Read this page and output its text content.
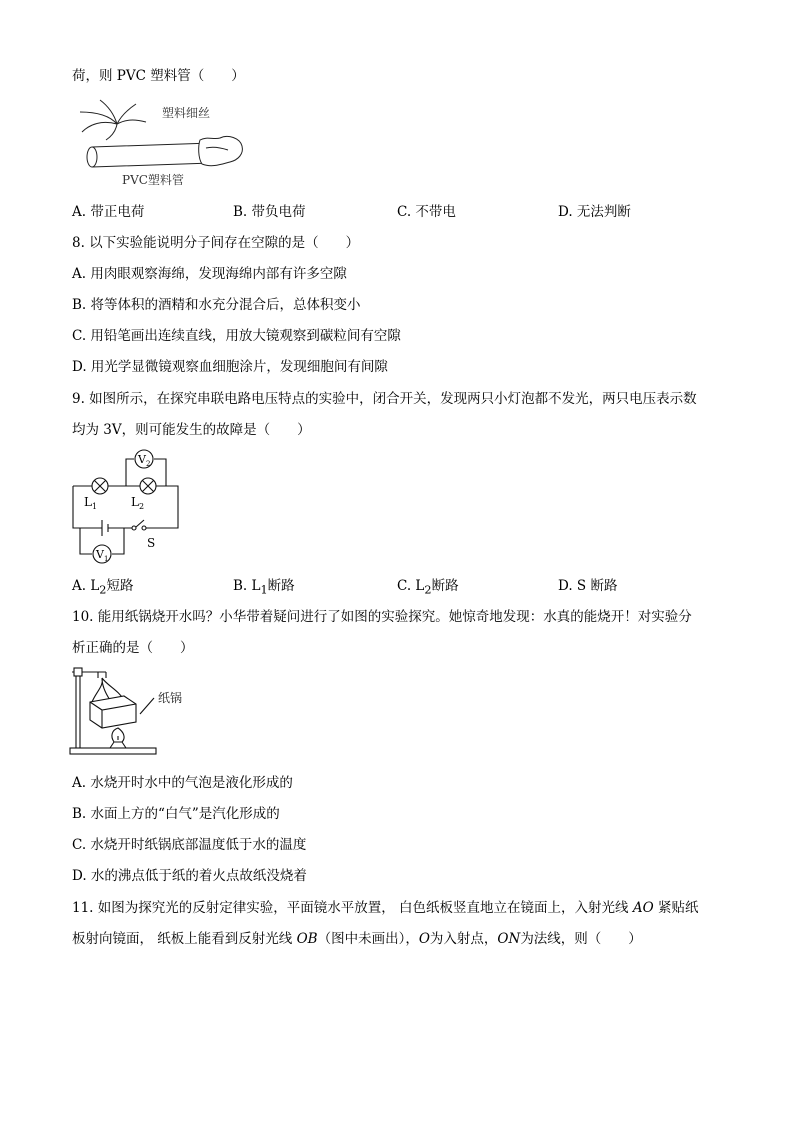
荷，则 PVC 塑料管（　　）
塑料细丝
PVC塑料管
A. 带正电荷	B. 带负电荷	C. 不带电	D. 无法判断
8. 以下实验能说明分子间存在空隙的是（　　）
A. 用肉眼观察海绵，发现海绵内部有许多空隙
B. 将等体积的酒精和水充分混合后，总体积变小
C. 用铅笔画出连续直线，用放大镜观察到碳粒间有空隙
D. 用光学显微镜观察血细胞涂片，发现细胞间有间隙
9. 如图所示，在探究串联电路电压特点的实验中，闭合开关，发现两只小灯泡都不发光，两只电压表示数
均为 3V，则可能发生的故障是（　　）
V 2
V 1
L 1	L 2
S
A. $L_2$短路	B. $L_1$断路	C. $L_2$断路	D. S 断路
10. 能用纸锅烧开水吗？小华带着疑问进行了如图的实验探究。她惊奇地发现：水真的能烧开！对实验分
析正确的是（　　）
纸锅
A. 水烧开时水中的气泡是液化形成的
B. 水面上方的“白气”是汽化形成的
C. 水烧开时纸锅底部温度低于水的温度
D. 水的沸点低于纸的着火点故纸没烧着
11. 如图为探究光的反射定律实验，平面镜水平放置， 白色纸板竖直地立在镜面上，入射光线 AO 紧贴纸
板射向镜面， 纸板上能看到反射光线 OB（图中未画出），O为入射点，ON为法线，则（　　）
